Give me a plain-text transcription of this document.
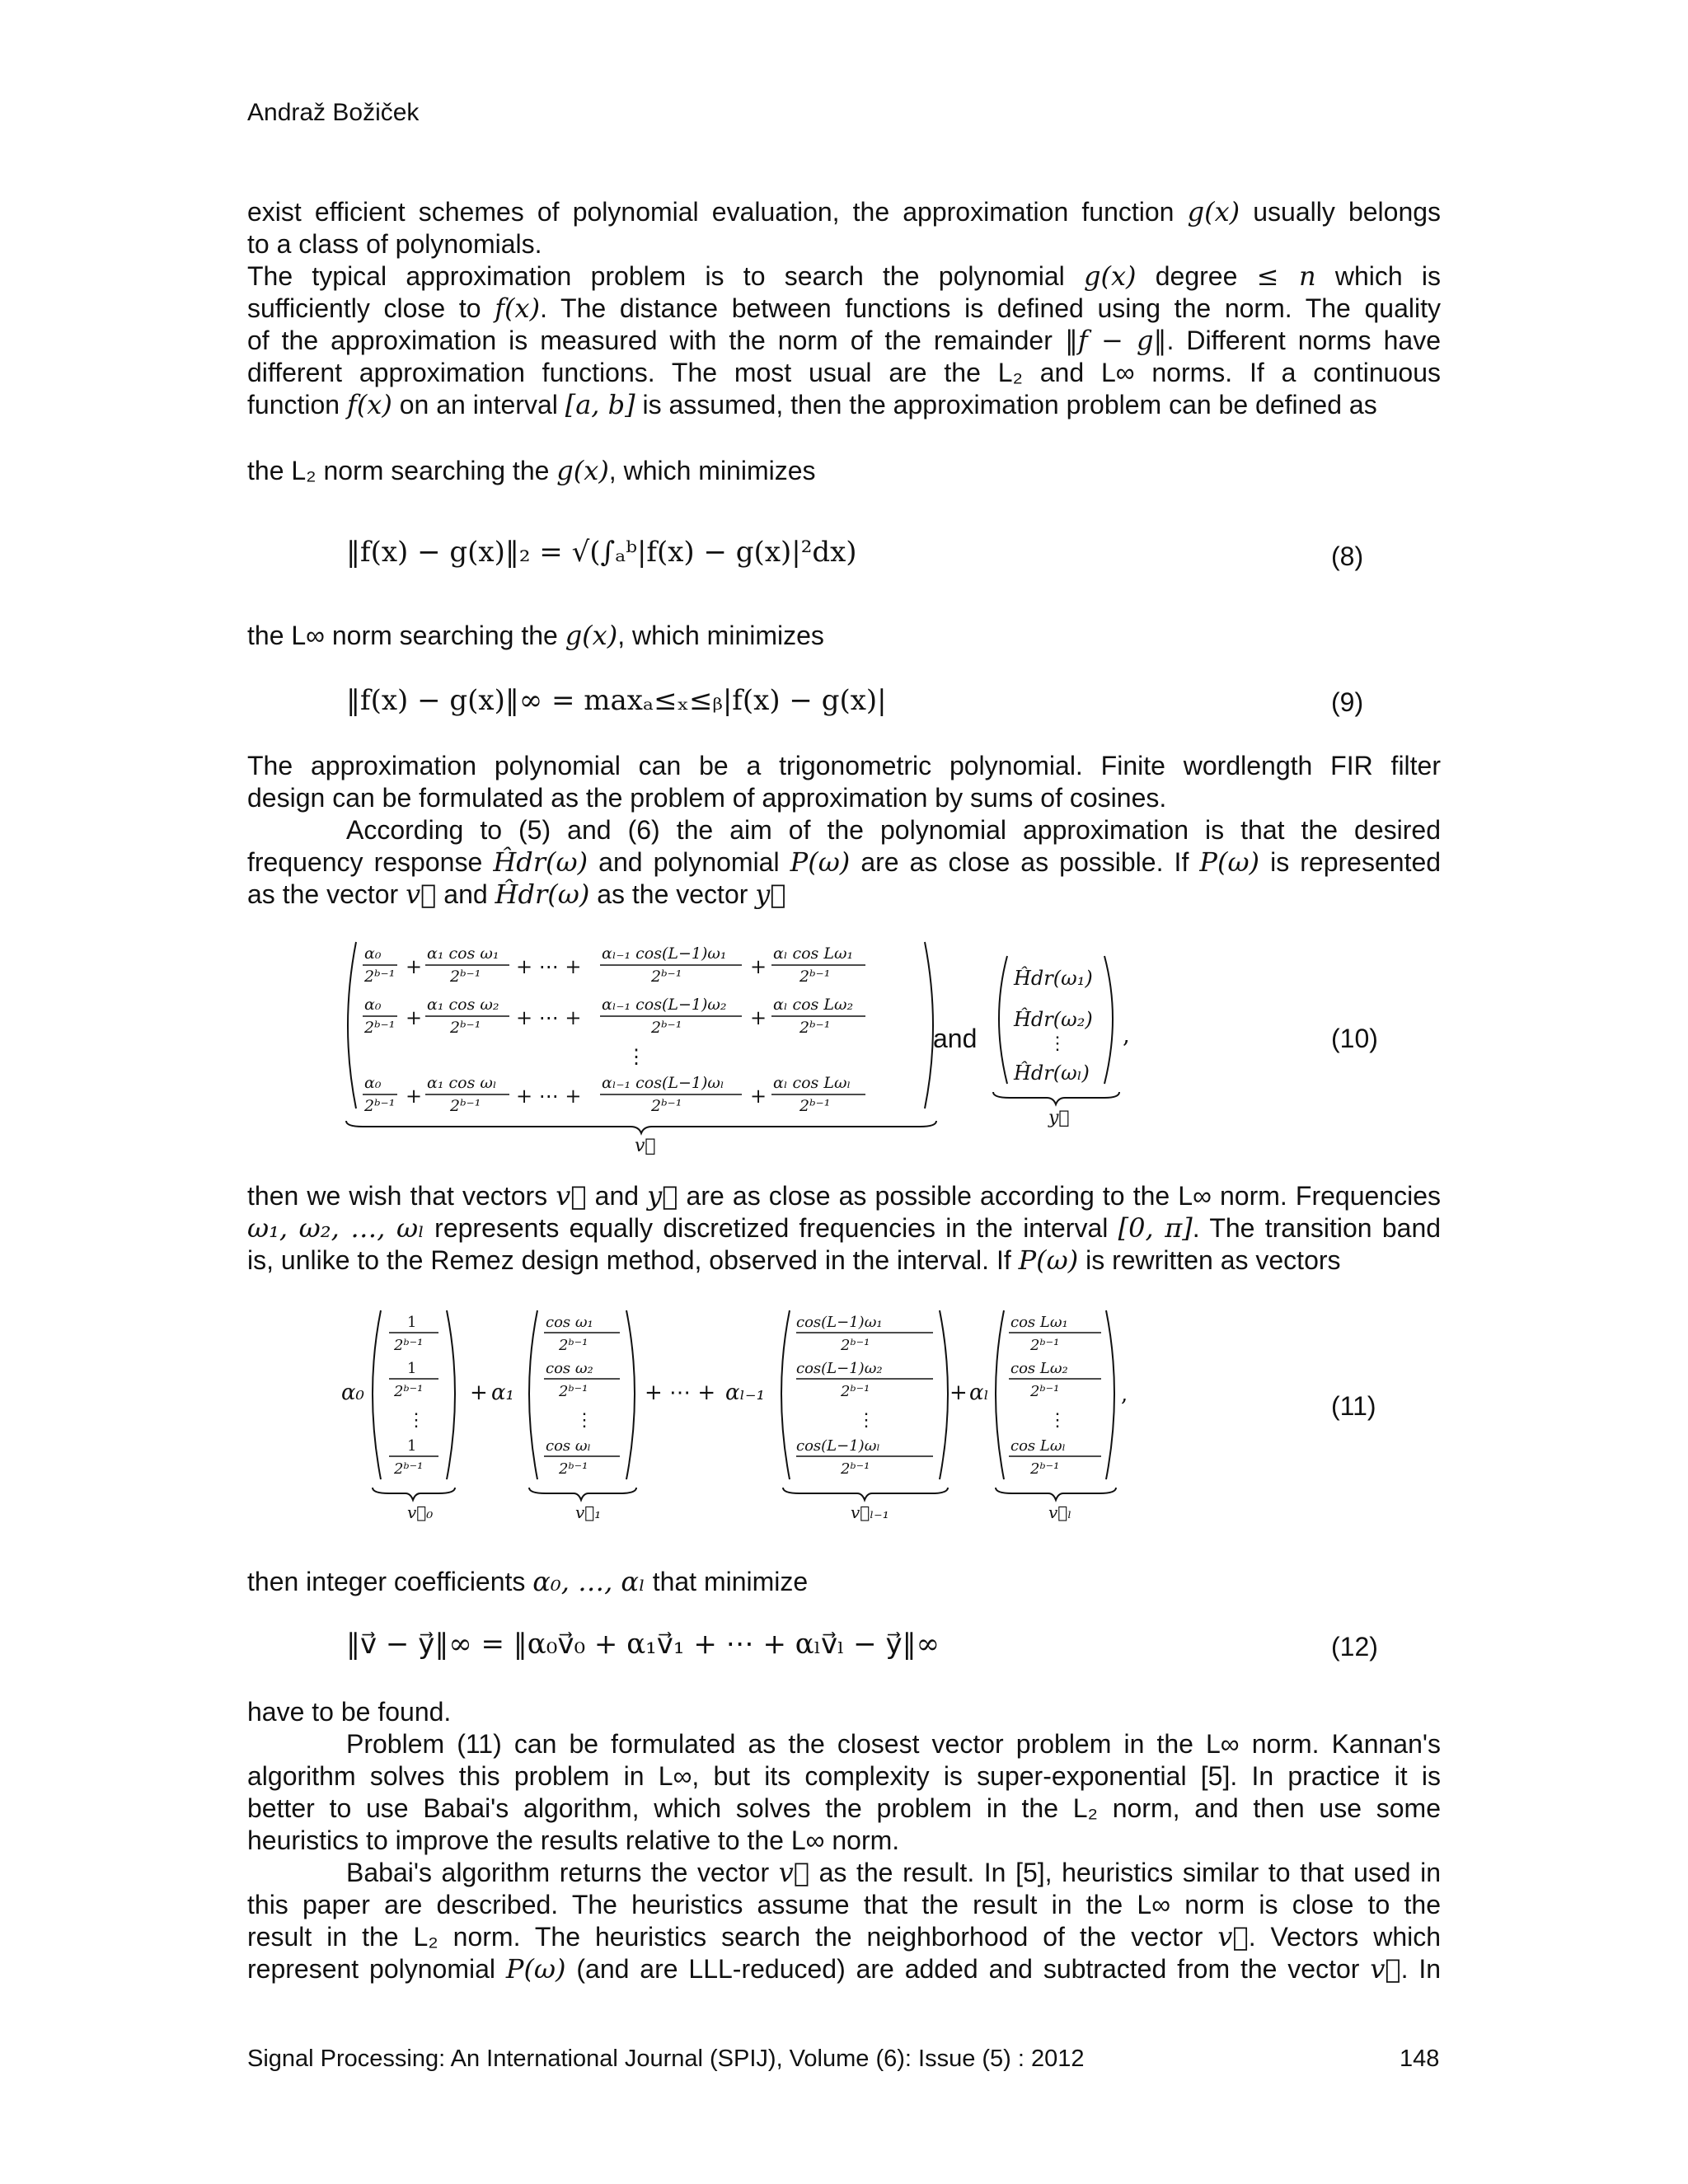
Andraž Božiček
exist efficient schemes of polynomial evaluation, the approximation function g(x) usually belongs
to a class of polynomials.
The typical approximation problem is to search the polynomial g(x) degree ≤ n which is
sufficiently close to f(x). The distance between functions is defined using the norm. The quality
of the approximation is measured with the norm of the remainder ‖f − g‖. Different norms have
different approximation functions. The most usual are the L₂ and L∞ norms. If a continuous
function f(x) on an interval [a, b] is assumed, then the approximation problem can be defined as
the L₂ norm searching the g(x), which minimizes
‖f(x) − g(x)‖₂ = √(∫ₐᵇ|f(x) − g(x)|²dx)	(8)
the L∞ norm searching the g(x), which minimizes
‖f(x) − g(x)‖∞ = maxₐ≤ₓ≤ᵦ|f(x) − g(x)|	(9)
The approximation polynomial can be a trigonometric polynomial. Finite wordlength FIR filter
design can be formulated as the problem of approximation by sums of cosines.
According to (5) and (6) the aim of the polynomial approximation is that the desired
frequency response Ĥdr(ω) and polynomial P(ω) are as close as possible. If P(ω) is represented
as the vector v⃗ and Ĥdr(ω) as the vector y⃗
α₀
2ᵇ⁻¹ +
α₁ cos ω₁
2ᵇ⁻¹ + ⋯ +
αₗ₋₁ cos(L−1)ω₁
2ᵇ⁻¹	+
αₗ cos Lω₁
2ᵇ⁻¹
α₀
2ᵇ⁻¹ +
α₁ cos ω₂
2ᵇ⁻¹ + ⋯ +
αₗ₋₁ cos(L−1)ω₂
2ᵇ⁻¹	+
αₗ cos Lω₂
2ᵇ⁻¹
⋮
α₀
2ᵇ⁻¹ +
α₁ cos ωₗ
2ᵇ⁻¹ + ⋯ +
αₗ₋₁ cos(L−1)ωₗ
2ᵇ⁻¹	+
αₗ cos Lωₗ
2ᵇ⁻¹
v⃗
Ĥdr(ω₁)
Ĥdr(ω₂)
⋮
Ĥdr(ωₗ)
y⃗
,
and	(10)
then we wish that vectors v⃗ and y⃗ are as close as possible according to the L∞ norm. Frequencies
ω₁, ω₂, …, ωₗ represents equally discretized frequencies in the interval [0, π]. The transition band
is, unlike to the Remez design method, observed in the interval. If P(ω) is rewritten as vectors
α₀
1
2ᵇ⁻¹
1
2ᵇ⁻¹
⋮
1
2ᵇ⁻¹
v⃗₀
+ α₁
cos ω₁
2ᵇ⁻¹
cos ω₂
2ᵇ⁻¹
⋮
cos ωₗ
2ᵇ⁻¹
v⃗₁
+ ⋯ + αₗ₋₁
cos(L−1)ω₁
2ᵇ⁻¹
cos(L−1)ω₂
2ᵇ⁻¹
⋮
cos(L−1)ωₗ
2ᵇ⁻¹
v⃗ₗ₋₁
+ αₗ
cos Lω₁
2ᵇ⁻¹
cos Lω₂
2ᵇ⁻¹
⋮
cos Lωₗ
2ᵇ⁻¹
v⃗ₗ
,	(11)
then integer coefficients α₀, …, αₗ that minimize
‖v⃗ − y⃗‖∞ = ‖α₀v⃗₀ + α₁v⃗₁ + ⋯ + αₗv⃗ₗ − y⃗‖∞	(12)
have to be found.
Problem (11) can be formulated as the closest vector problem in the L∞ norm. Kannan's
algorithm solves this problem in L∞, but its complexity is super-exponential [5]. In practice it is
better to use Babai's algorithm, which solves the problem in the L₂ norm, and then use some
heuristics to improve the results relative to the L∞ norm.
Babai's algorithm returns the vector v⃗ as the result. In [5], heuristics similar to that used in
this paper are described. The heuristics assume that the result in the L∞ norm is close to the
result in the L₂ norm. The heuristics search the neighborhood of the vector v⃗. Vectors which
represent polynomial P(ω) (and are LLL-reduced) are added and subtracted from the vector v⃗. In
Signal Processing: An International Journal (SPIJ), Volume (6): Issue (5) : 2012	148
